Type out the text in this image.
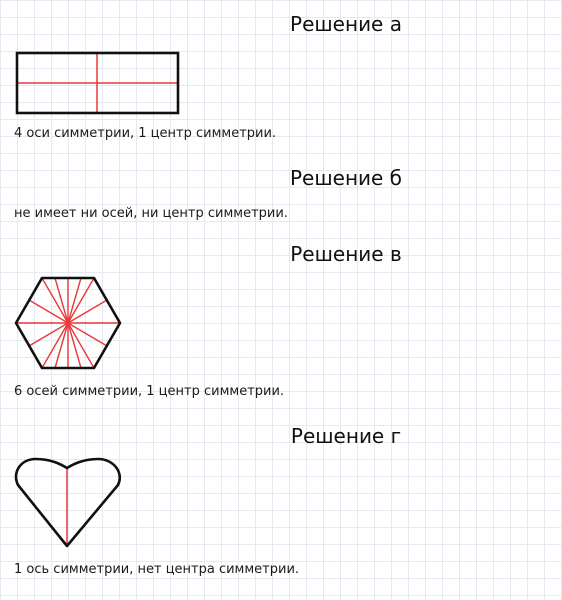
Решение а

4 оси симметрии, 1 центр симметрии.

Решение б

не имеет ни осей, ни центр симметрии.

Решение в

6 осей симметрии, 1 центр симметрии.

Решение г

1 ось симметрии, нет центра симметрии.
